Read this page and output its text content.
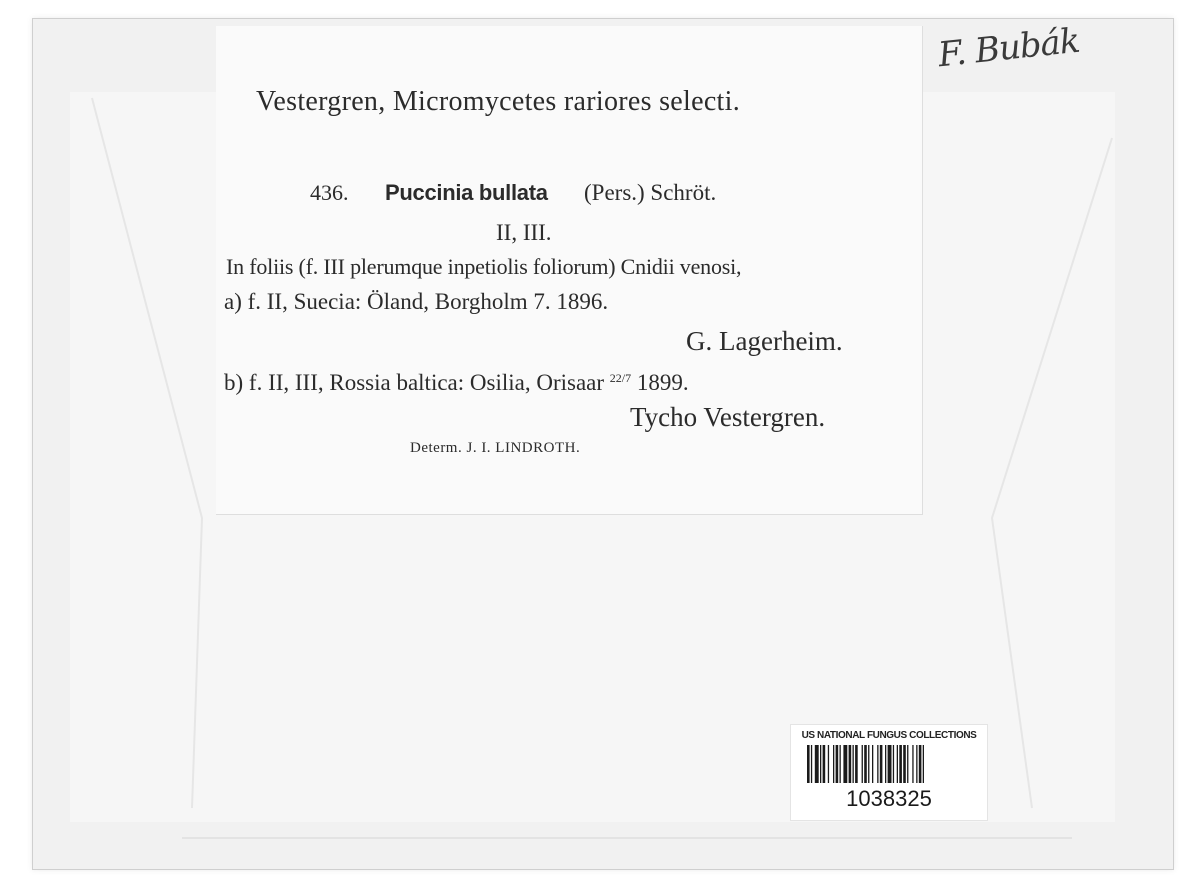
Vestergren, Micromycetes rariores selecti.
436. Puccinia bullata (Pers.) Schröt.
II, III.
In foliis (f. III plerumque inpetiolis foliorum) Cnidii venosi,
a) f. II, Suecia: Öland, Borgholm 7. 1896.
G. Lagerheim.
b) f. II, III, Rossia baltica: Osilia, Orisaar $^{22/7}$ 1899.
Tycho Vestergren.
Determ. J. I. LINDROTH.
F. Bubák
US NATIONAL FUNGUS COLLECTIONS
1038325
